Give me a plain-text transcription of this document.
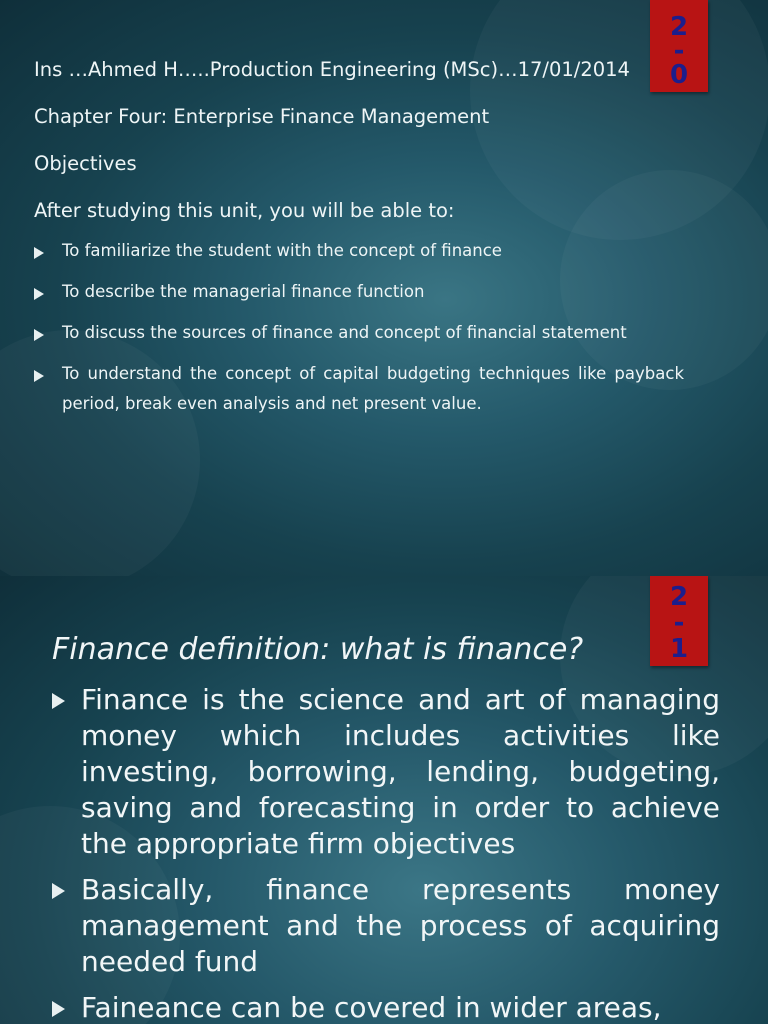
2
-
0
Ins …Ahmed H…..Production Engineering (MSc)…17/01/2014
Chapter Four: Enterprise Finance Management
Objectives
After studying this unit, you will be able to:
To familiarize the student with the concept of finance
To describe the managerial finance function
To discuss the sources of finance and concept of financial statement
To understand the concept of capital budgeting techniques like payback period, break even analysis and net present value.
2
-
1
Finance definition: what is finance?
Finance is the science and art of managing money which includes activities like investing, borrowing, lending, budgeting, saving and forecasting in order to achieve the appropriate firm objectives
Basically, finance represents money management and the process of acquiring needed fund
Faineance can be covered in wider areas,
